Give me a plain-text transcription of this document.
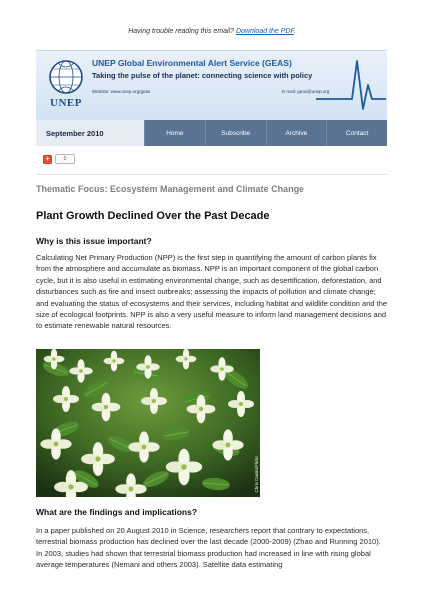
Having trouble reading this email? Download the PDF.
UNEP
UNEP Global Environmental Alert Service (GEAS)
Taking the pulse of the planet: connecting science with policy
Website: www.unep.org/geas	E-mail: geas@unep.org
September 2010	Home	Subscribe	Archive	Contact
+	0
Thematic Focus: Ecosystem Management and Climate Change
Plant Growth Declined Over the Past Decade
Why is this issue important?
Calculating Net Primary Production (NPP) is the first step in quantifying the amount of carbon plants fix from the atmosphere and accumulate as biomass. NPP is an important component of the global carbon cycle, but it is also useful in estimating environmental change, such as desertification, deforestation, and disturbances such as fire and insect outbreaks; assessing the impacts of pollution and climate change; and evaluating the status of ecosystems and their services, including habitat and wildlife condition and the size of ecological footprints. NPP is also a very useful measure to inform land management decisions and to estimate renewable natural resources.
Chris Danks/Flickr
What are the findings and implications?
In a paper published on 20 August 2010 in Science, researchers report that contrary to expectations, terrestrial biomass production has declined over the last decade (2000-2009) (Zhao and Running 2010). In 2003, studies had shown that terrestrial biomass production had increased in line with rising global average temperatures (Nemani and others 2003). Satellite data estimating
